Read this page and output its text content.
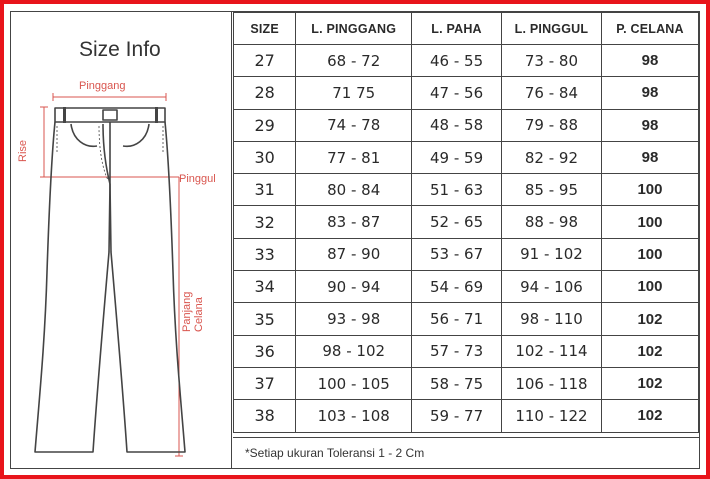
Size Info
Pinggang
Pinggul
Rise
Panjang Celana
SIZE	L. PINGGANG	L. PAHA	L. PINGGUL	P. CELANA
27	68 - 72	46 - 55	73 - 80	98
28	71 75	47 - 56	76 - 84	98
29	74 - 78	48 - 58	79 - 88	98
30	77 - 81	49 - 59	82 - 92	98
31	80 - 84	51 - 63	85 - 95	100
32	83 - 87	52 - 65	88 - 98	100
33	87 - 90	53 - 67	91 - 102	100
34	90 - 94	54 - 69	94 - 106	100
35	93 - 98	56 - 71	98 - 110	102
36	98 - 102	57 - 73	102 - 114	102
37	100 - 105	58 - 75	106 - 118	102
38	103 - 108	59 - 77	110 - 122	102
*Setiap ukuran Toleransi 1 - 2 Cm
